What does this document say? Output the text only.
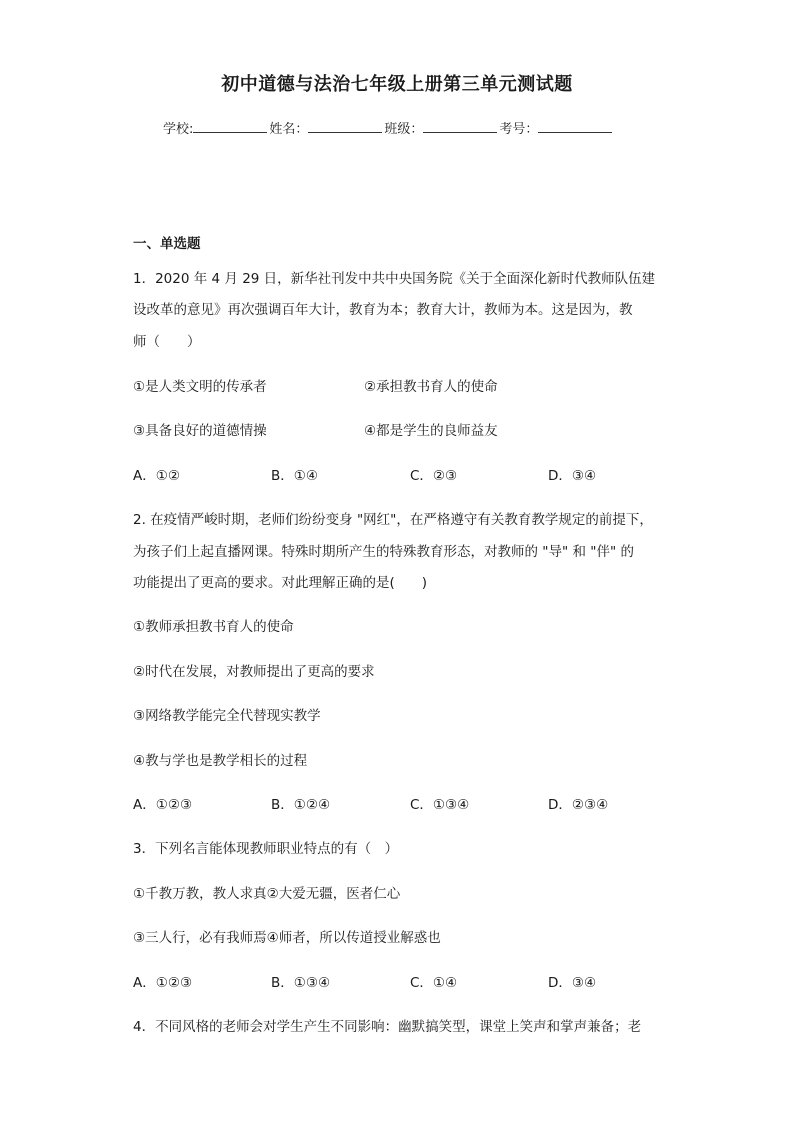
初中道德与法治七年级上册第三单元测试题
学校:	姓名：	班级：	考号：
一、单选题
1．2020 年 4 月 29 日，新华社刊发中共中央国务院《关于全面深化新时代教师队伍建
设改革的意见》再次强调百年大计，教育为本；教育大计，教师为本。这是因为，教
师（　　）
①是人类文明的传承者	②承担教书育人的使命
③具备良好的道德情操	④都是学生的良师益友
A．①②	B．①④	C．②③	D．③④
2. 在疫情严峻时期，老师们纷纷变身 "网红"，在严格遵守有关教育教学规定的前提下，
为孩子们上起直播网课。特殊时期所产生的特殊教育形态，对教师的 "导" 和 "伴" 的
功能提出了更高的要求。对此理解正确的是(　　)
①教师承担教书育人的使命
②时代在发展，对教师提出了更高的要求
③网络教学能完全代替现实教学
④教与学也是教学相长的过程
A．①②③	B．①②④	C．①③④	D．②③④
3．下列名言能体现教师职业特点的有（　）
①千教万教，教人求真②大爱无疆，医者仁心
③三人行，必有我师焉④师者，所以传道授业解惑也
A．①②③	B．①③④	C．①④	D．③④
4．不同风格的老师会对学生产生不同影响：幽默搞笑型，课堂上笑声和掌声兼备；老
